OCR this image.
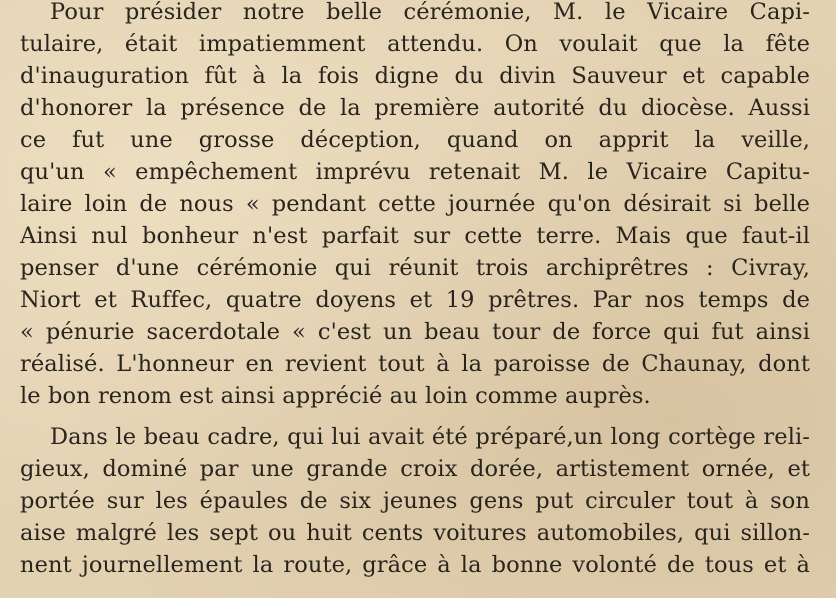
Pour présider notre belle cérémonie, M. le Vicaire Capi-
tulaire, était impatiemment attendu. On voulait que la fête
d'inauguration fût à la fois digne du divin Sauveur et capable
d'honorer la présence de la première autorité du diocèse. Aussi
ce fut une grosse déception, quand on apprit la veille,
qu'un « empêchement imprévu retenait M. le Vicaire Capitu-
laire loin de nous « pendant cette journée qu'on désirait si belle
Ainsi nul bonheur n'est parfait sur cette terre. Mais que faut-il
penser d'une cérémonie qui réunit trois archiprêtres : Civray,
Niort et Ruffec, quatre doyens et 19 prêtres. Par nos temps de
« pénurie sacerdotale « c'est un beau tour de force qui fut ainsi
réalisé. L'honneur en revient tout à la paroisse de Chaunay, dont
le bon renom est ainsi apprécié au loin comme auprès.
Dans le beau cadre, qui lui avait été préparé,un long cortège reli-
gieux, dominé par une grande croix dorée, artistement ornée, et
portée sur les épaules de six jeunes gens put circuler tout à son
aise malgré les sept ou huit cents voitures automobiles, qui sillon-
nent journellement la route, grâce à la bonne volonté de tous et à
